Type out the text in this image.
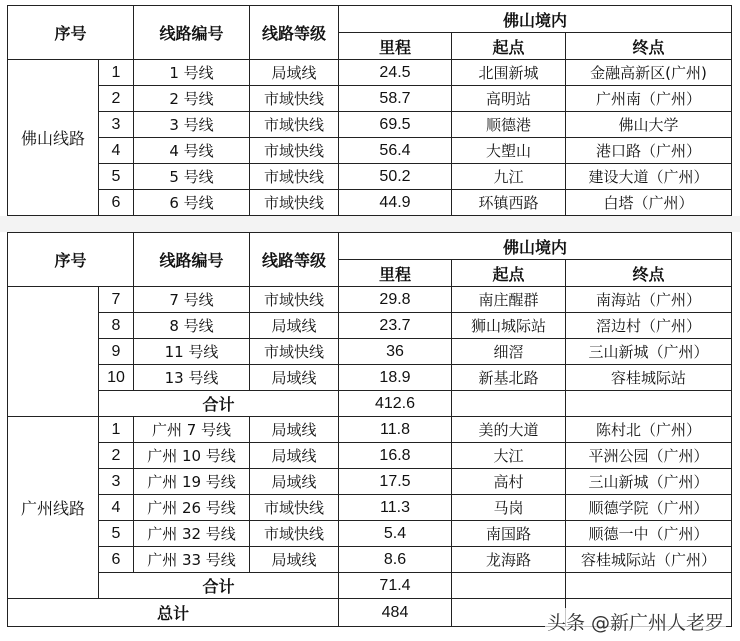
序号		线路编号	线路等级	佛山境内		
				里程	起点	终点
佛山线路	1	1 号线	局域线	24.5	北围新城	金融高新区(广州)
	2	2 号线	市域快线	58.7	高明站	广州南（广州）
	3	3 号线	市域快线	69.5	顺德港	佛山大学
	4	4 号线	市域快线	56.4	大塱山	港口路（广州）
	5	5 号线	市域快线	50.2	九江	建设大道（广州）
	6	6 号线	市域快线	44.9	环镇西路	白塔（广州）
序号		线路编号	线路等级	佛山境内		
				里程	起点	终点
	7	7 号线	市域快线	29.8	南庄醒群	南海站（广州）
	8	8 号线	局域线	23.7	狮山城际站	滘边村（广州）
	9	11 号线	市域快线	36	细滘	三山新城（广州）
	10	13 号线	局域线	18.9	新基北路	容桂城际站
	合计			412.6		
广州线路	1	广州 7 号线	局域线	11.8	美的大道	陈村北（广州）
	2	广州 10 号线	局域线	16.8	大江	平洲公园（广州）
	3	广州 19 号线	局域线	17.5	高村	三山新城（广州）
	4	广州 26 号线	市域快线	11.3	马岗	顺德学院（广州）
	5	广州 32 号线	市域快线	5.4	南国路	顺德一中（广州）
	6	广州 33 号线	局域线	8.6	龙海路	容桂城际站（广州）
	合计			71.4		
总计				484			头条 @新广州人老罗
